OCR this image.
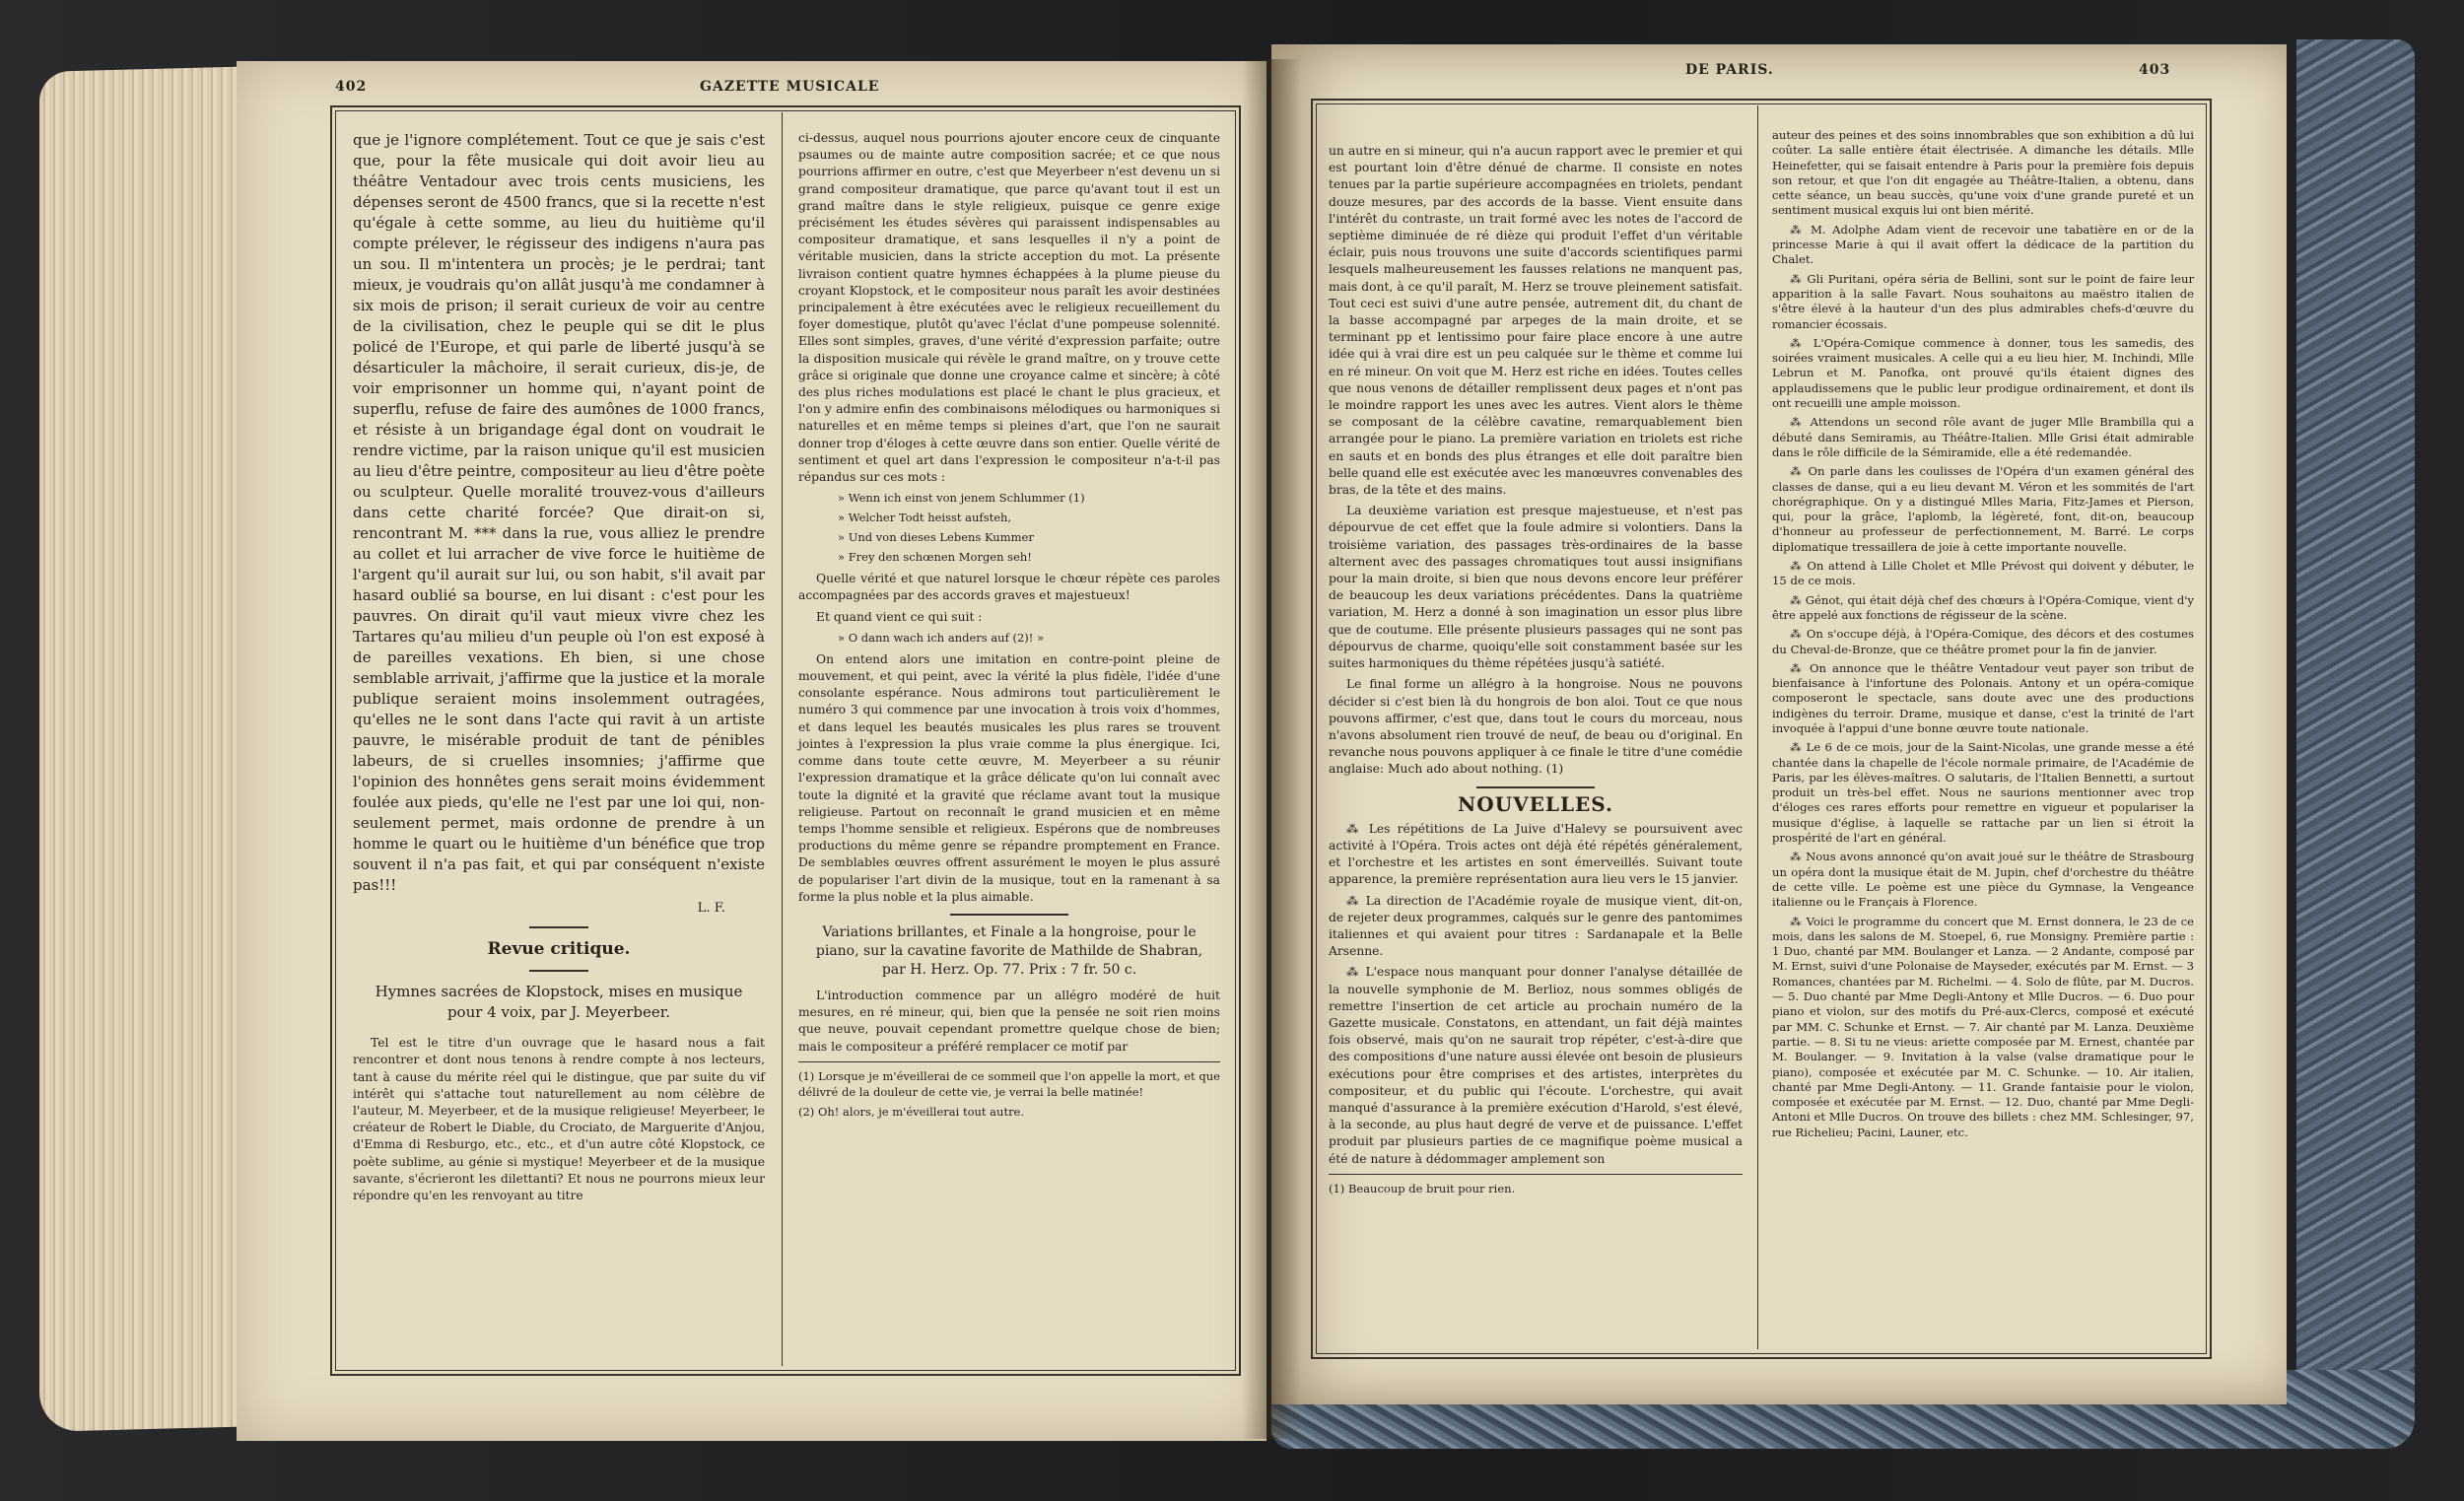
402	GAZETTE MUSICALE

que je l'ignore complétement. Tout ce que je sais c'est que, pour la fête musicale qui doit avoir lieu au théâtre Ventadour avec trois cents musiciens, les dépenses seront de 4500 francs, que si la recette n'est qu'égale à cette somme, au lieu du huitième qu'il compte prélever, le régisseur des indigens n'aura pas un sou. Il m'intentera un procès; je le perdrai; tant mieux, je voudrais qu'on allât jusqu'à me condamner à six mois de prison; il serait curieux de voir au centre de la civilisation, chez le peuple qui se dit le plus policé de l'Europe, et qui parle de liberté jusqu'à se désarticuler la mâchoire, il serait curieux, dis-je, de voir emprisonner un homme qui, n'ayant point de superflu, refuse de faire des aumônes de 1000 francs, et résiste à un brigandage égal dont on voudrait le rendre victime, par la raison unique qu'il est musicien au lieu d'être peintre, compositeur au lieu d'être poète ou sculpteur. Quelle moralité trouvez-vous d'ailleurs dans cette charité forcée? Que dirait-on si, rencontrant M. *** dans la rue, vous alliez le prendre au collet et lui arracher de vive force le huitième de l'argent qu'il aurait sur lui, ou son habit, s'il avait par hasard oublié sa bourse, en lui disant : c'est pour les pauvres. On dirait qu'il vaut mieux vivre chez les Tartares qu'au milieu d'un peuple où l'on est exposé à de pareilles vexations. Eh bien, si une chose semblable arrivait, j'affirme que la justice et la morale publique seraient moins insolemment outragées, qu'elles ne le sont dans l'acte qui ravit à un artiste pauvre, le misérable produit de tant de pénibles labeurs, de si cruelles insomnies; j'affirme que l'opinion des honnêtes gens serait moins évidemment foulée aux pieds, qu'elle ne l'est par une loi qui, non-seulement permet, mais ordonne de prendre à un homme le quart ou le huitième d'un bénéfice que trop souvent il n'a pas fait, et qui par conséquent n'existe pas!!!

L. F.

Revue critique.

Hymnes sacrées de Klopstock, mises en musique pour 4 voix, par J. Meyerbeer.

Tel est le titre d'un ouvrage que le hasard nous a fait rencontrer et dont nous tenons à rendre compte à nos lecteurs, tant à cause du mérite réel qui le distingue, que par suite du vif intérêt qui s'attache tout naturellement au nom célèbre de l'auteur, M. Meyerbeer, et de la musique religieuse! Meyerbeer, le créateur de Robert le Diable, du Crociato, de Marguerite d'Anjou, d'Emma di Resburgo, etc., etc., et d'un autre côté Klopstock, ce poète sublime, au génie si mystique! Meyerbeer et de la musique savante, s'écrieront les dilettanti? Et nous ne pourrons mieux leur répondre qu'en les renvoyant au titre

ci-dessus, auquel nous pourrions ajouter encore ceux de cinquante psaumes ou de mainte autre composition sacrée; et ce que nous pourrions affirmer en outre, c'est que Meyerbeer n'est devenu un si grand compositeur dramatique, que parce qu'avant tout il est un grand maître dans le style religieux, puisque ce genre exige précisément les études sévères qui paraissent indispensables au compositeur dramatique, et sans lesquelles il n'y a point de véritable musicien, dans la stricte acception du mot. La présente livraison contient quatre hymnes échappées à la plume pieuse du croyant Klopstock, et le compositeur nous paraît les avoir destinées principalement à être exécutées avec le religieux recueillement du foyer domestique, plutôt qu'avec l'éclat d'une pompeuse solennité. Elles sont simples, graves, d'une vérité d'expression parfaite; outre la disposition musicale qui révèle le grand maître, on y trouve cette grâce si originale que donne une croyance calme et sincère; à côté des plus riches modulations est placé le chant le plus gracieux, et l'on y admire enfin des combinaisons mélodiques ou harmoniques si naturelles et en même temps si pleines d'art, que l'on ne saurait donner trop d'éloges à cette œuvre dans son entier. Quelle vérité de sentiment et quel art dans l'expression le compositeur n'a-t-il pas répandus sur ces mots :

» Wenn ich einst von jenem Schlummer (1)

» Welcher Todt heisst aufsteh,

» Und von dieses Lebens Kummer

» Frey den schœnen Morgen seh!

Quelle vérité et que naturel lorsque le chœur répète ces paroles accompagnées par des accords graves et majestueux!

Et quand vient ce qui suit :

» O dann wach ich anders auf (2)! »

On entend alors une imitation en contre-point pleine de mouvement, et qui peint, avec la vérité la plus fidèle, l'idée d'une consolante espérance. Nous admirons tout particulièrement le numéro 3 qui commence par une invocation à trois voix d'hommes, et dans lequel les beautés musicales les plus rares se trouvent jointes à l'expression la plus vraie comme la plus énergique. Ici, comme dans toute cette œuvre, M. Meyerbeer a su réunir l'expression dramatique et la grâce délicate qu'on lui connaît avec toute la dignité et la gravité que réclame avant tout la musique religieuse. Partout on reconnaît le grand musicien et en même temps l'homme sensible et religieux. Espérons que de nombreuses productions du même genre se répandre promptement en France. De semblables œuvres offrent assurément le moyen le plus assuré de populariser l'art divin de la musique, tout en la ramenant à sa forme la plus noble et la plus aimable.

Variations brillantes, et Finale a la hongroise, pour le piano, sur la cavatine favorite de Mathilde de Shabran, par H. Herz. Op. 77. Prix : 7 fr. 50 c.

L'introduction commence par un allégro modéré de huit mesures, en ré mineur, qui, bien que la pensée ne soit rien moins que neuve, pouvait cependant promettre quelque chose de bien; mais le compositeur a préféré remplacer ce motif par

(1) Lorsque je m'éveillerai de ce sommeil que l'on appelle la mort, et que délivré de la douleur de cette vie, je verrai la belle matinée!

(2) Oh! alors, je m'éveillerai tout autre.

DE PARIS.	403

un autre en si mineur, qui n'a aucun rapport avec le premier et qui est pourtant loin d'être dénué de charme. Il consiste en notes tenues par la partie supérieure accompagnées en triolets, pendant douze mesures, par des accords de la basse. Vient ensuite dans l'intérêt du contraste, un trait formé avec les notes de l'accord de septième diminuée de ré dièze qui produit l'effet d'un véritable éclair, puis nous trouvons une suite d'accords scientifiques parmi lesquels malheureusement les fausses relations ne manquent pas, mais dont, à ce qu'il paraît, M. Herz se trouve pleinement satisfait. Tout ceci est suivi d'une autre pensée, autrement dit, du chant de la basse accompagné par arpeges de la main droite, et se terminant pp et lentissimo pour faire place encore à une autre idée qui à vrai dire est un peu calquée sur le thème et comme lui en ré mineur. On voit que M. Herz est riche en idées. Toutes celles que nous venons de détailler remplissent deux pages et n'ont pas le moindre rapport les unes avec les autres. Vient alors le thème se composant de la célèbre cavatine, remarquablement bien arrangée pour le piano. La première variation en triolets est riche en sauts et en bonds des plus étranges et elle doit paraître bien belle quand elle est exécutée avec les manœuvres convenables des bras, de la tête et des mains.

La deuxième variation est presque majestueuse, et n'est pas dépourvue de cet effet que la foule admire si volontiers. Dans la troisième variation, des passages très-ordinaires de la basse alternent avec des passages chromatiques tout aussi insignifians pour la main droite, si bien que nous devons encore leur préférer de beaucoup les deux variations précédentes. Dans la quatrième variation, M. Herz a donné à son imagination un essor plus libre que de coutume. Elle présente plusieurs passages qui ne sont pas dépourvus de charme, quoiqu'elle soit constamment basée sur les suites harmoniques du thème répétées jusqu'à satiété.

Le final forme un allégro à la hongroise. Nous ne pouvons décider si c'est bien là du hongrois de bon aloi. Tout ce que nous pouvons affirmer, c'est que, dans tout le cours du morceau, nous n'avons absolument rien trouvé de neuf, de beau ou d'original. En revanche nous pouvons appliquer à ce finale le titre d'une comédie anglaise: Much ado about nothing. (1)

NOUVELLES.

⁂ Les répétitions de La Juive d'Halevy se poursuivent avec activité à l'Opéra. Trois actes ont déjà été répétés généralement, et l'orchestre et les artistes en sont émerveillés. Suivant toute apparence, la première représentation aura lieu vers le 15 janvier.

⁂ La direction de l'Académie royale de musique vient, dit-on, de rejeter deux programmes, calqués sur le genre des pantomimes italiennes et qui avaient pour titres : Sardanapale et la Belle Arsenne.

⁂ L'espace nous manquant pour donner l'analyse détaillée de la nouvelle symphonie de M. Berlioz, nous sommes obligés de remettre l'insertion de cet article au prochain numéro de la Gazette musicale. Constatons, en attendant, un fait déjà maintes fois observé, mais qu'on ne saurait trop répéter, c'est-à-dire que des compositions d'une nature aussi élevée ont besoin de plusieurs exécutions pour être comprises et des artistes, interprètes du compositeur, et du public qui l'écoute. L'orchestre, qui avait manqué d'assurance à la première exécution d'Harold, s'est élevé, à la seconde, au plus haut degré de verve et de puissance. L'effet produit par plusieurs parties de ce magnifique poème musical a été de nature à dédommager amplement son

(1) Beaucoup de bruit pour rien.

auteur des peines et des soins innombrables que son exhibition a dû lui coûter. La salle entière était électrisée. A dimanche les détails. Mlle Heinefetter, qui se faisait entendre à Paris pour la première fois depuis son retour, et que l'on dit engagée au Théâtre-Italien, a obtenu, dans cette séance, un beau succès, qu'une voix d'une grande pureté et un sentiment musical exquis lui ont bien mérité.

⁂ M. Adolphe Adam vient de recevoir une tabatière en or de la princesse Marie à qui il avait offert la dédicace de la partition du Chalet.

⁂ Gli Puritani, opéra séria de Bellini, sont sur le point de faire leur apparition à la salle Favart. Nous souhaitons au maëstro italien de s'être élevé à la hauteur d'un des plus admirables chefs-d'œuvre du romancier écossais.

⁂ L'Opéra-Comique commence à donner, tous les samedis, des soirées vraiment musicales. A celle qui a eu lieu hier, M. Inchindi, Mlle Lebrun et M. Panofka, ont prouvé qu'ils étaient dignes des applaudissemens que le public leur prodigue ordinairement, et dont ils ont recueilli une ample moisson.

⁂ Attendons un second rôle avant de juger Mlle Brambilla qui a débuté dans Semiramis, au Théâtre-Italien. Mlle Grisi était admirable dans le rôle difficile de la Sémiramide, elle a été redemandée.

⁂ On parle dans les coulisses de l'Opéra d'un examen général des classes de danse, qui a eu lieu devant M. Véron et les sommités de l'art chorégraphique. On y a distingué Mlles Maria, Fitz-James et Pierson, qui, pour la grâce, l'aplomb, la légèreté, font, dit-on, beaucoup d'honneur au professeur de perfectionnement, M. Barré. Le corps diplomatique tressaillera de joie à cette importante nouvelle.

⁂ On attend à Lille Cholet et Mlle Prévost qui doivent y débuter, le 15 de ce mois.

⁂ Génot, qui était déjà chef des chœurs à l'Opéra-Comique, vient d'y être appelé aux fonctions de régisseur de la scène.

⁂ On s'occupe déjà, à l'Opéra-Comique, des décors et des costumes du Cheval-de-Bronze, que ce théâtre promet pour la fin de janvier.

⁂ On annonce que le théâtre Ventadour veut payer son tribut de bienfaisance à l'infortune des Polonais. Antony et un opéra-comique composeront le spectacle, sans doute avec une des productions indigènes du terroir. Drame, musique et danse, c'est la trinité de l'art invoquée à l'appui d'une bonne œuvre toute nationale.

⁂ Le 6 de ce mois, jour de la Saint-Nicolas, une grande messe a été chantée dans la chapelle de l'école normale primaire, de l'Académie de Paris, par les élèves-maîtres. O salutaris, de l'Italien Bennetti, a surtout produit un très-bel effet. Nous ne saurions mentionner avec trop d'éloges ces rares efforts pour remettre en vigueur et populariser la musique d'église, à laquelle se rattache par un lien si étroit la prospérité de l'art en général.

⁂ Nous avons annoncé qu'on avait joué sur le théâtre de Strasbourg un opéra dont la musique était de M. Jupin, chef d'orchestre du théâtre de cette ville. Le poème est une pièce du Gymnase, la Vengeance italienne ou le Français à Florence.

⁂ Voici le programme du concert que M. Ernst donnera, le 23 de ce mois, dans les salons de M. Stoepel, 6, rue Monsigny. Première partie : 1 Duo, chanté par MM. Boulanger et Lanza. — 2 Andante, composé par M. Ernst, suivi d'une Polonaise de Mayseder, exécutés par M. Ernst. — 3 Romances, chantées par M. Richelmi. — 4. Solo de flûte, par M. Ducros. — 5. Duo chanté par Mme Degli-Antony et Mlle Ducros. — 6. Duo pour piano et violon, sur des motifs du Pré-aux-Clercs, composé et exécuté par MM. C. Schunke et Ernst. — 7. Air chanté par M. Lanza. Deuxième partie. — 8. Si tu ne vieus: ariette composée par M. Ernest, chantée par M. Boulanger. — 9. Invitation à la valse (valse dramatique pour le piano), composée et exécutée par M. C. Schunke. — 10. Air italien, chanté par Mme Degli-Antony. — 11. Grande fantaisie pour le violon, composée et exécutée par M. Ernst. — 12. Duo, chanté par Mme Degli-Antoni et Mlle Ducros. On trouve des billets : chez MM. Schlesinger, 97, rue Richelieu; Pacini, Launer, etc.
